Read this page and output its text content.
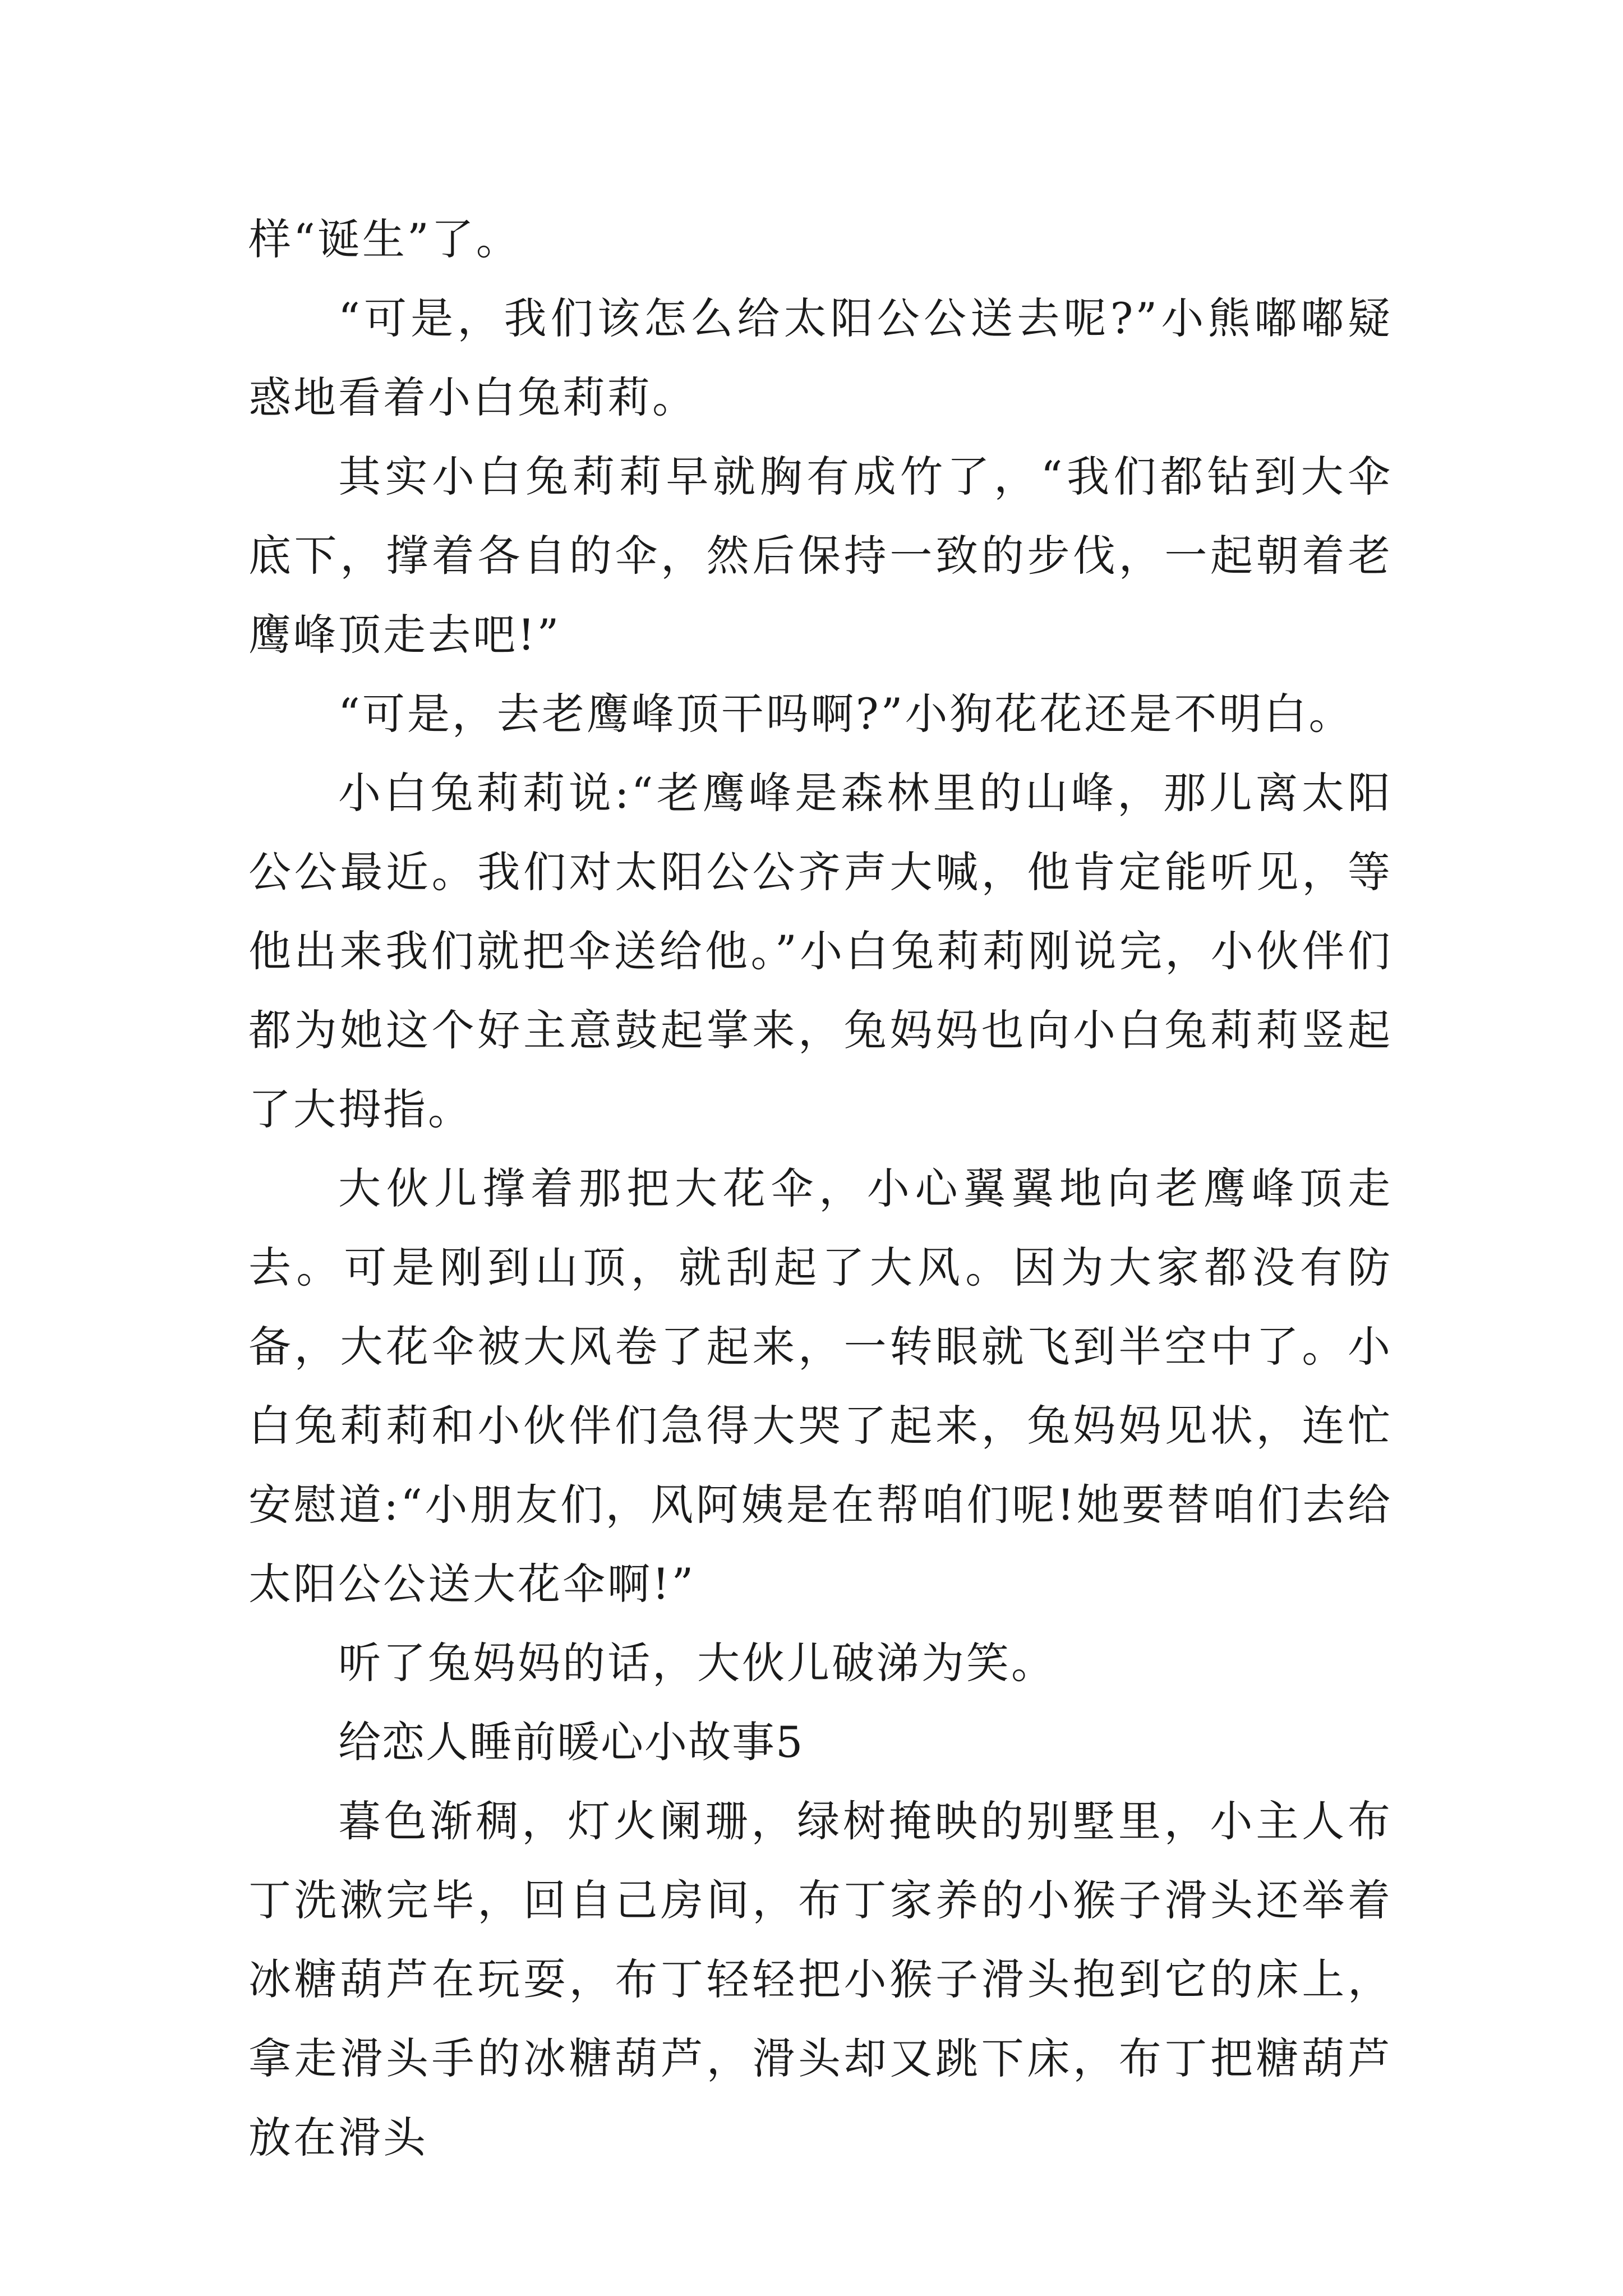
样“诞生”了。

“可是，我们该怎么给太阳公公送去呢?”小熊嘟嘟疑惑地看着小白兔莉莉。

其实小白兔莉莉早就胸有成竹了，“我们都钻到大伞底下，撑着各自的伞，然后保持一致的步伐，一起朝着老鹰峰顶走去吧!”

“可是，去老鹰峰顶干吗啊?”小狗花花还是不明白。

小白兔莉莉说:“老鹰峰是森林里的山峰，那儿离太阳公公最近。我们对太阳公公齐声大喊，他肯定能听见，等他出来我们就把伞送给他。”小白兔莉莉刚说完，小伙伴们都为她这个好主意鼓起掌来，兔妈妈也向小白兔莉莉竖起了大拇指。

大伙儿撑着那把大花伞，小心翼翼地向老鹰峰顶走去。可是刚到山顶，就刮起了大风。因为大家都没有防备，大花伞被大风卷了起来，一转眼就飞到半空中了。小白兔莉莉和小伙伴们急得大哭了起来，兔妈妈见状，连忙安慰道:“小朋友们，风阿姨是在帮咱们呢!她要替咱们去给太阳公公送大花伞啊!”

听了兔妈妈的话，大伙儿破涕为笑。

给恋人睡前暖心小故事5

暮色渐稠，灯火阑珊，绿树掩映的别墅里，小主人布丁洗漱完毕，回自己房间，布丁家养的小猴子滑头还举着冰糖葫芦在玩耍，布丁轻轻把小猴子滑头抱到它的床上，拿走滑头手的冰糖葫芦，滑头却又跳下床，布丁把糖葫芦放在滑头
